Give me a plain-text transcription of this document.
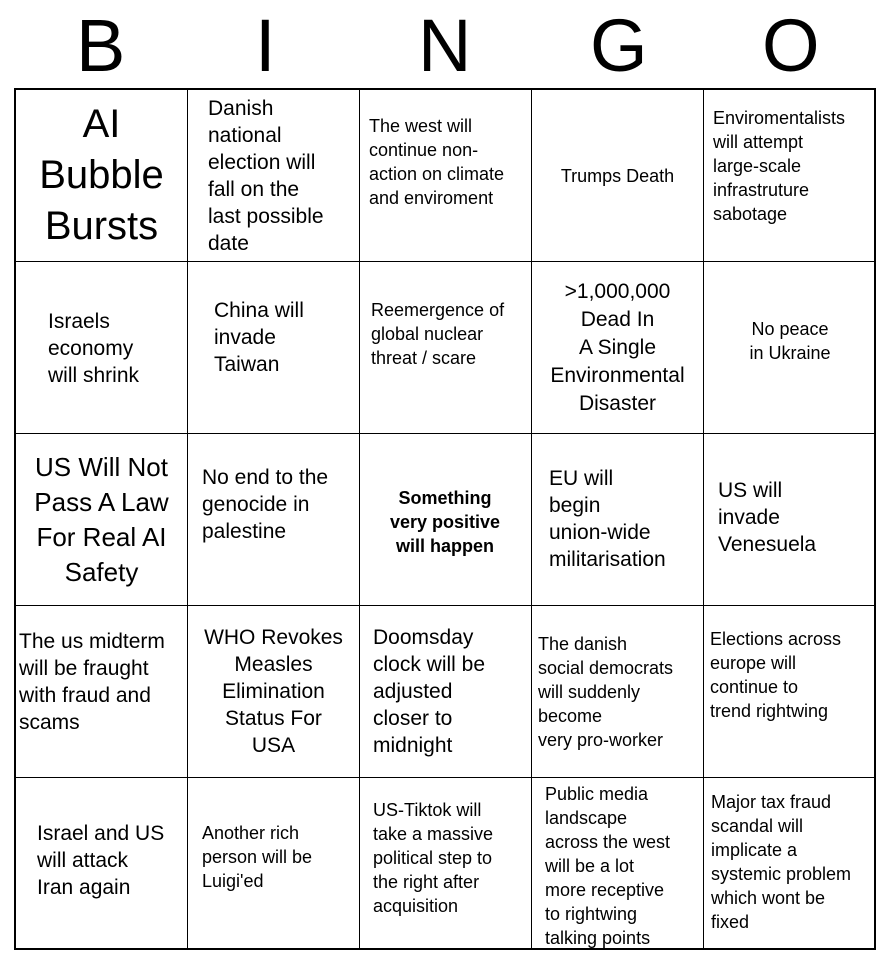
B I N G O
AI
Bubble
Bursts
Danish
national
election will
fall on the
last possible
date
The west will
continue non-
action on climate
and enviroment
Trumps Death
Enviromentalists
will attempt
large-scale
infrastruture
sabotage
Israels
economy
will shrink
China will
invade
Taiwan
Reemergence of
global nuclear
threat / scare
>1,000,000
Dead In
A Single
Environmental
Disaster
No peace
in Ukraine
US Will Not
Pass A Law
For Real AI
Safety
No end to the
genocide in
palestine
Something
very positive
will happen
EU will
begin
union-wide
militarisation
US will
invade
Venesuela
The us midterm
will be fraught
with fraud and
scams
WHO Revokes
Measles
Elimination
Status For
USA
Doomsday
clock will be
adjusted
closer to
midnight
The danish
social democrats
will suddenly
become
very pro-worker
Elections across
europe will
continue to
trend rightwing
Israel and US
will attack
Iran again
Another rich
person will be
Luigi'ed
US-Tiktok will
take a massive
political step to
the right after
acquisition
Public media
landscape
across the west
will be a lot
more receptive
to rightwing
talking points
Major tax fraud
scandal will
implicate a
systemic problem
which wont be
fixed
